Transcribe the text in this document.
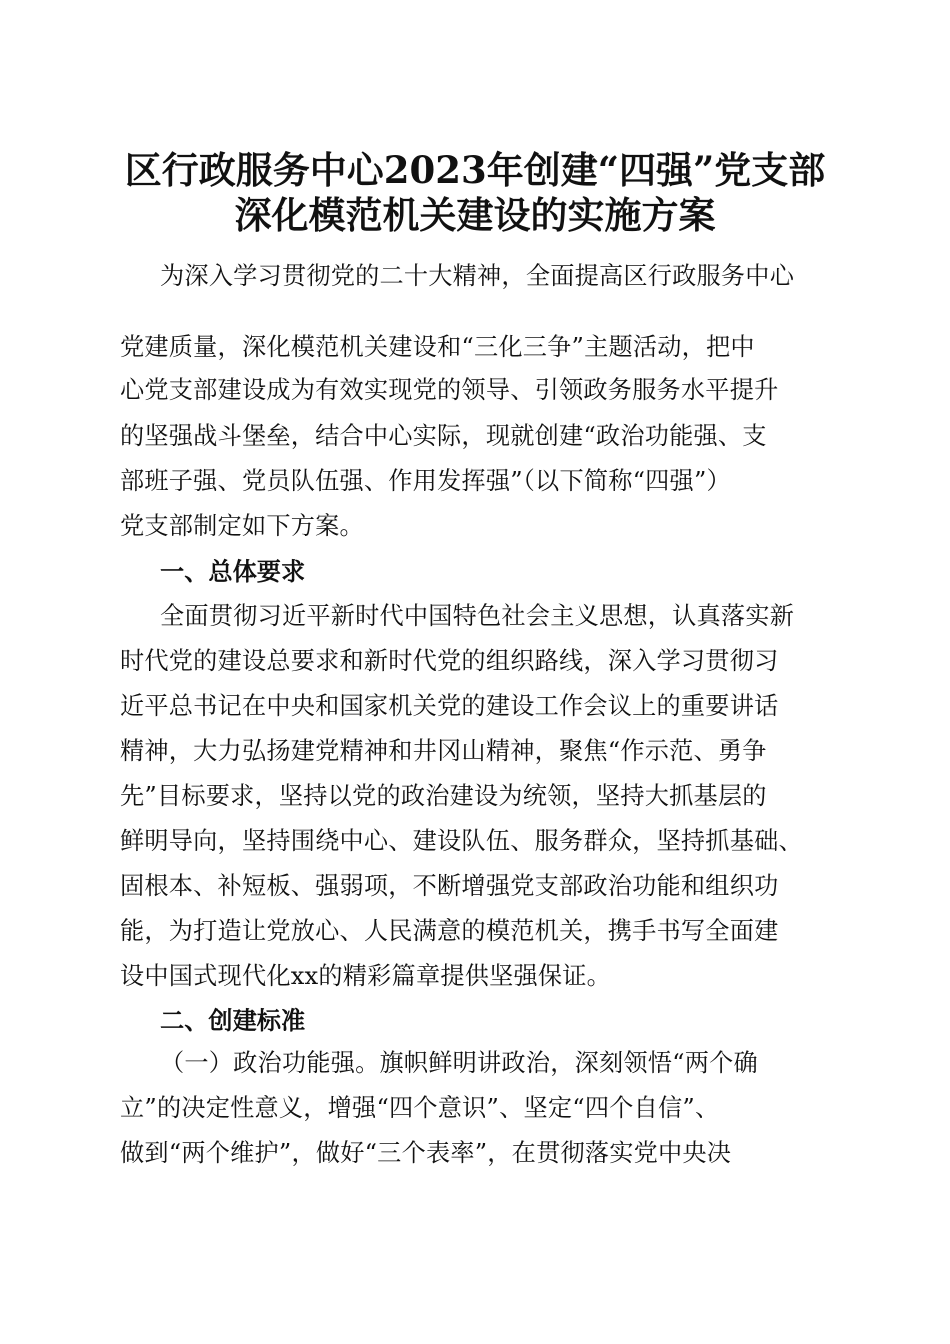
区行政服务中心2023年创建“四强”党支部
深化模范机关建设的实施方案
为深入学习贯彻党的二十大精神，全面提高区行政服务中心
党建质量，深化模范机关建设和“三化三争”主题活动，把中
心党支部建设成为有效实现党的领导、引领政务服务水平提升
的坚强战斗堡垒，结合中心实际，现就创建“政治功能强、支
部班子强、党员队伍强、作用发挥强”（以下简称“四强”）
党支部制定如下方案。
一、总体要求
全面贯彻习近平新时代中国特色社会主义思想，认真落实新
时代党的建设总要求和新时代党的组织路线，深入学习贯彻习
近平总书记在中央和国家机关党的建设工作会议上的重要讲话
精神，大力弘扬建党精神和井冈山精神，聚焦“作示范、勇争
先”目标要求，坚持以党的政治建设为统领，坚持大抓基层的
鲜明导向，坚持围绕中心、建设队伍、服务群众，坚持抓基础、
固根本、补短板、强弱项，不断增强党支部政治功能和组织功
能，为打造让党放心、人民满意的模范机关，携手书写全面建
设中国式现代化xx的精彩篇章提供坚强保证。
二、创建标准
（一）政治功能强。旗帜鲜明讲政治，深刻领悟“两个确
立”的决定性意义，增强“四个意识”、坚定“四个自信”、
做到“两个维护”，做好“三个表率”，在贯彻落实党中央决
